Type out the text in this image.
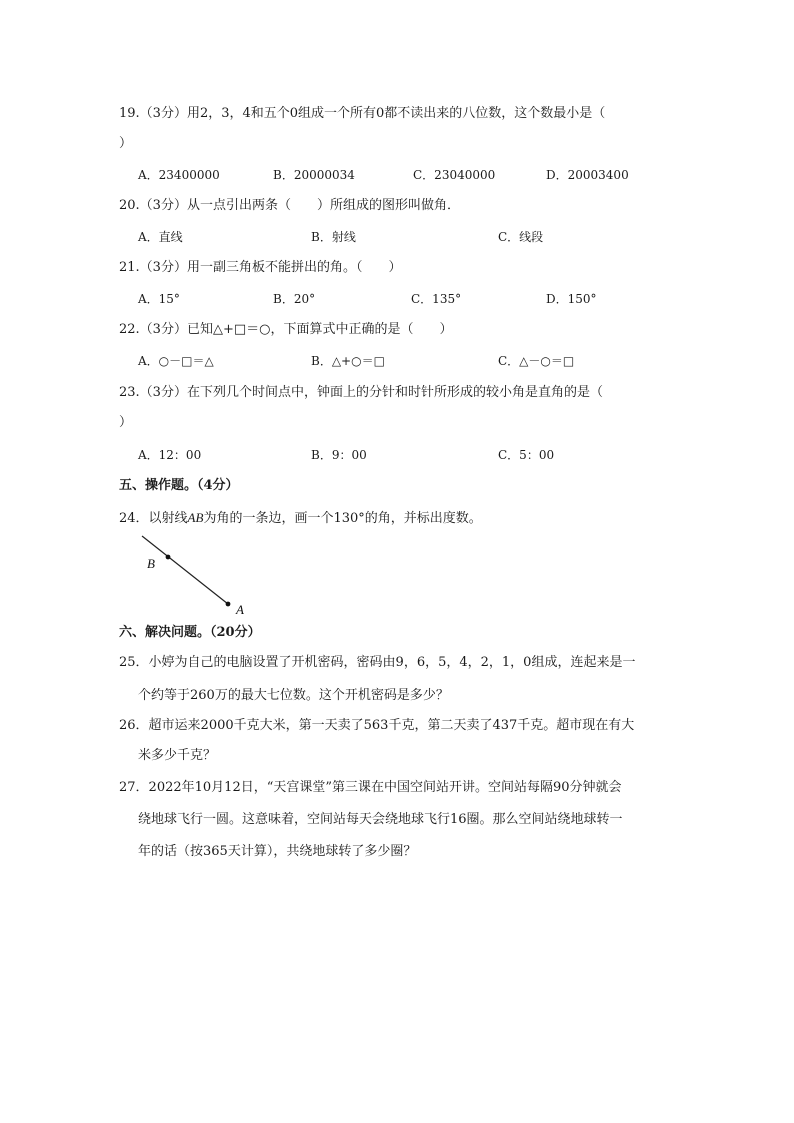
19.（3分）用2，3，4和五个0组成一个所有0都不读出来的八位数，这个数最小是（
）
A．23400000	B．20000034	C．23040000	D．20003400
20.（3分）从一点引出两条（　　）所组成的图形叫做角．
A．直线	B．射线	C．线段
21.（3分）用一副三角板不能拼出的角。（　　）
A．15°	B．20°	C．135°	D．150°
22.（3分）已知△+□＝○，下面算式中正确的是（　　）
A．○－□＝△	B．△+○＝□	C．△－○＝□
23.（3分）在下列几个时间点中，钟面上的分针和时针所形成的较小角是直角的是（
）
A．12：00	B．9：00	C．5：00
五、操作题。（4分）
24．以射线AB为角的一条边，画一个130°的角，并标出度数。
B
A
六、解决问题。（20分）
25．小婷为自己的电脑设置了开机密码，密码由9，6，5，4，2，1，0组成，连起来是一
个约等于260万的最大七位数。这个开机密码是多少？
26．超市运来2000千克大米，第一天卖了563千克，第二天卖了437千克。超市现在有大
米多少千克？
27．2022年10月12日，“天宫课堂”第三课在中国空间站开讲。空间站每隔90分钟就会
绕地球飞行一圆。这意味着，空间站每天会绕地球飞行16圈。那么空间站绕地球转一
年的话（按365天计算），共绕地球转了多少圈？
